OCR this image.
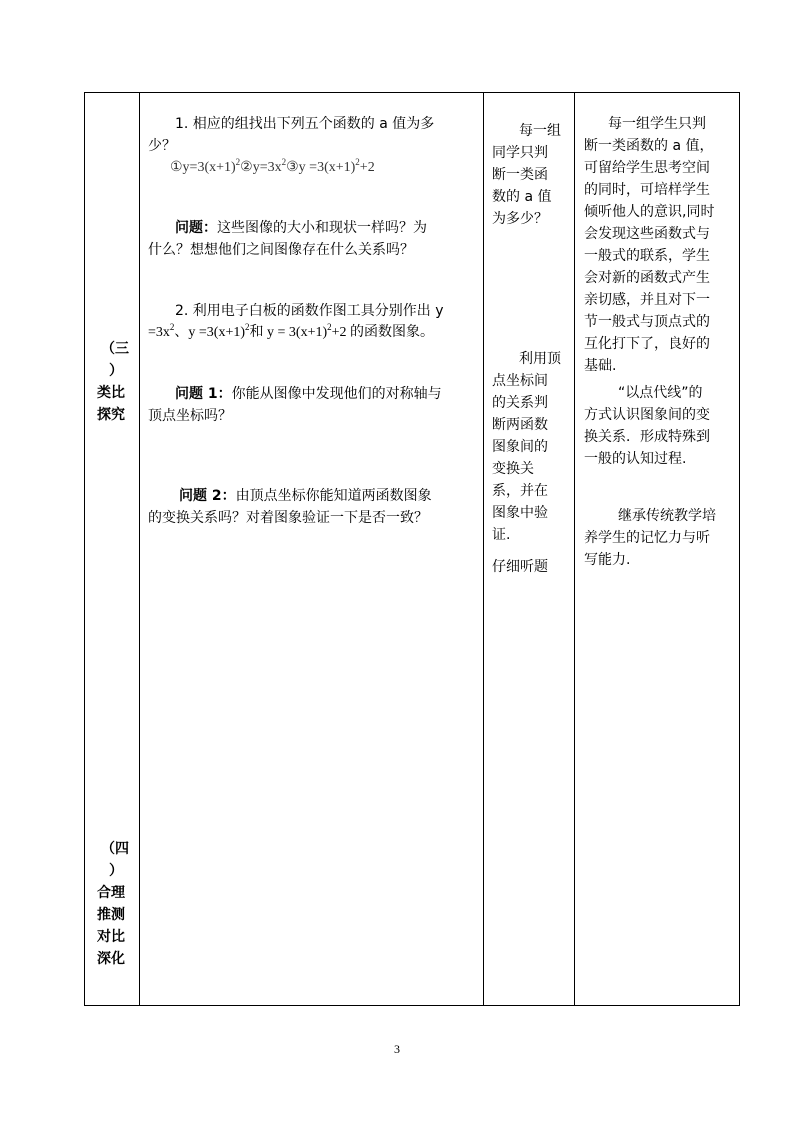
（三
）
类比
探究
（四
）
合理
推测
对比
深化
1. 相应的组找出下列五个函数的 a 值为多
少？
$①y=3(x+1)^2②y=3x^2③y =3(x+1)^2+2$
问题：这些图像的大小和现状一样吗？为
什么？想想他们之间图像存在什么关系吗？
2. 利用电子白板的函数作图工具分别作出 y
$=3x^2$、$y =3(x+1)^2$和 $y = 3(x+1)^2+2$ 的函数图象。
问题 1：你能从图像中发现他们的对称轴与
顶点坐标吗？
问题 2：由顶点坐标你能知道两函数图象
的变换关系吗？对着图象验证一下是否一致？
每一组
同学只判
断一类函
数的 a 值
为多少？
利用顶
点坐标间
的关系判
断两函数
图象间的
变换关
系，并在
图象中验
证.
仔细听题
每一组学生只判
断一类函数的 a 值，
可留给学生思考空间
的同时，可培样学生
倾听他人的意识,同时
会发现这些函数式与
一般式的联系，学生
会对新的函数式产生
亲切感，并且对下一
节一般式与顶点式的
互化打下了，良好的
基础.
“以点代线”的
方式认识图象间的变
换关系．形成特殊到
一般的认知过程.
继承传统教学培
养学生的记忆力与听
写能力.
3
